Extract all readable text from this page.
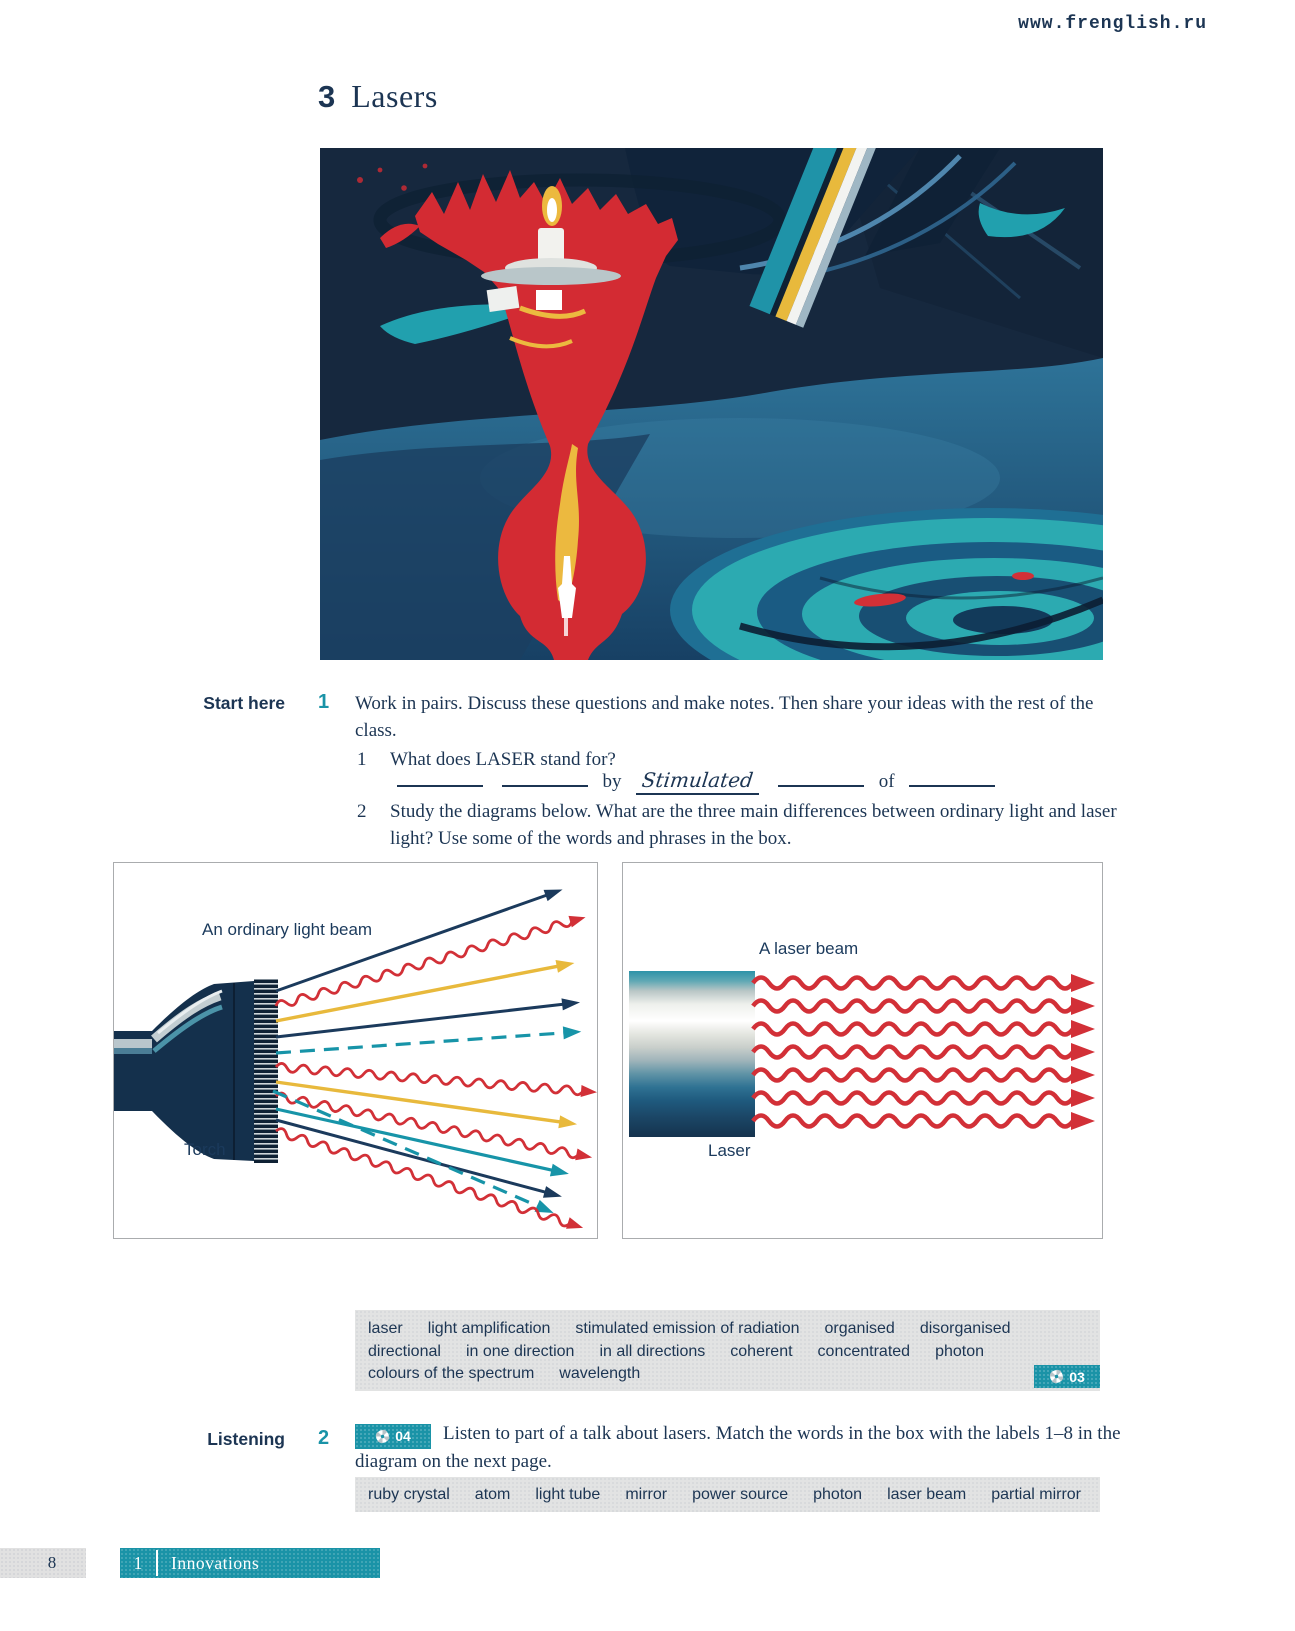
www.frenglish.ru
3 Lasers
Start here 1 Work in pairs. Discuss these questions and make notes. Then share your ideas with the rest of the class.
1	What does LASER stand for?
by Stimulated	of
2	Study the diagrams below. What are the three main differences between ordinary light and laser light? Use some of the words and phrases in the box.
An ordinary light beam
Torch
A laser beam
Laser
laser light amplification stimulated emission of radiation organised disorganised
directional in one direction in all directions coherent concentrated photon
colours of the spectrum wavelength	03
Listening 2	04 Listen to part of a talk about lasers. Match the words in the box with the labels 1–8 in the diagram on the next page.
ruby crystal atom light tube mirror power source photon laser beam partial mirror
8	1	Innovations
